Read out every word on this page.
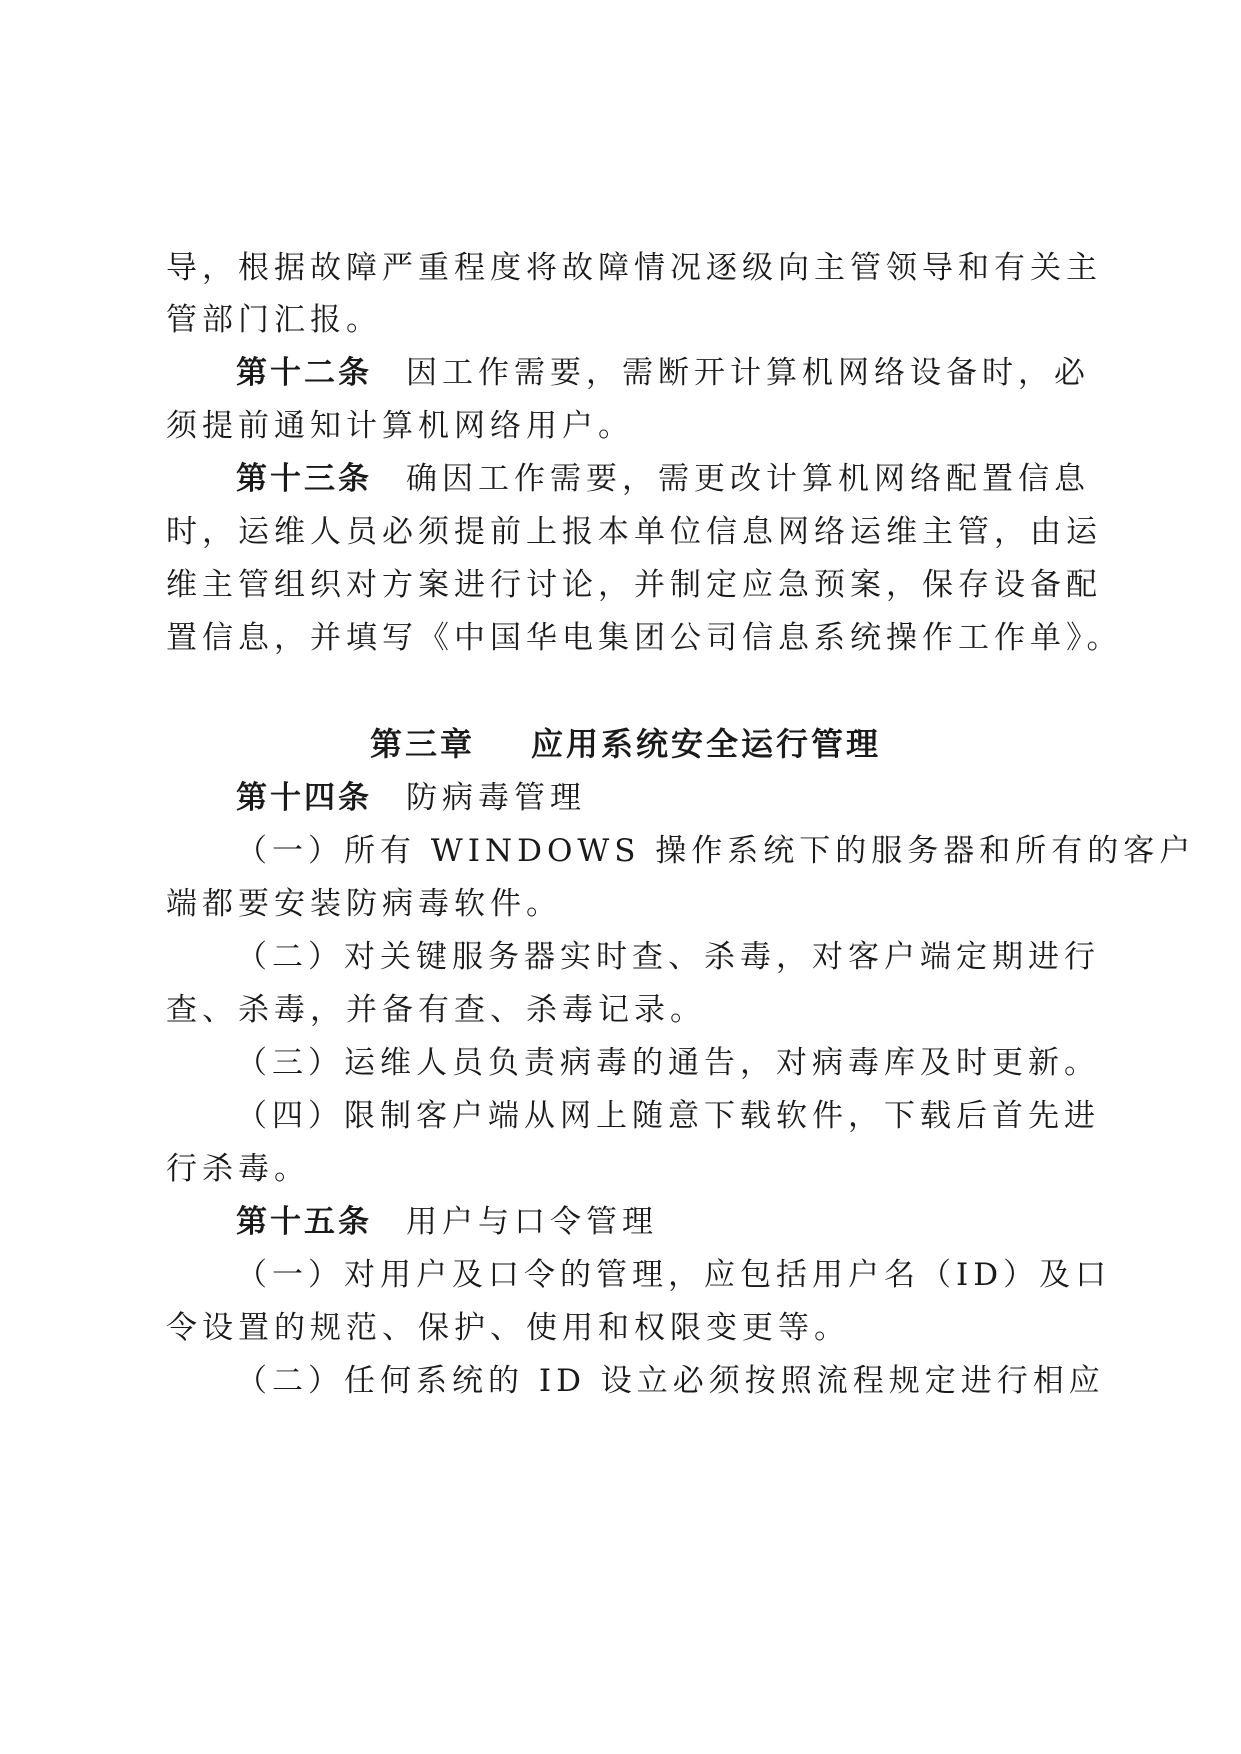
导，根据故障严重程度将故障情况逐级向主管领导和有关主
管部门汇报。
第十二条 因工作需要，需断开计算机网络设备时，必
须提前通知计算机网络用户。
第十三条 确因工作需要，需更改计算机网络配置信息
时，运维人员必须提前上报本单位信息网络运维主管，由运
维主管组织对方案进行讨论，并制定应急预案，保存设备配
置信息，并填写《中国华电集团公司信息系统操作工作单》。
第三章 应用系统安全运行管理
第十四条 防病毒管理
（一）所有 WINDOWS 操作系统下的服务器和所有的客户
端都要安装防病毒软件。
（二）对关键服务器实时查、杀毒，对客户端定期进行
查、杀毒，并备有查、杀毒记录。
（三）运维人员负责病毒的通告，对病毒库及时更新。
（四）限制客户端从网上随意下载软件，下载后首先进
行杀毒。
第十五条 用户与口令管理
（一）对用户及口令的管理，应包括用户名（ID）及口
令设置的规范、保护、使用和权限变更等。
（二）任何系统的 ID 设立必须按照流程规定进行相应
